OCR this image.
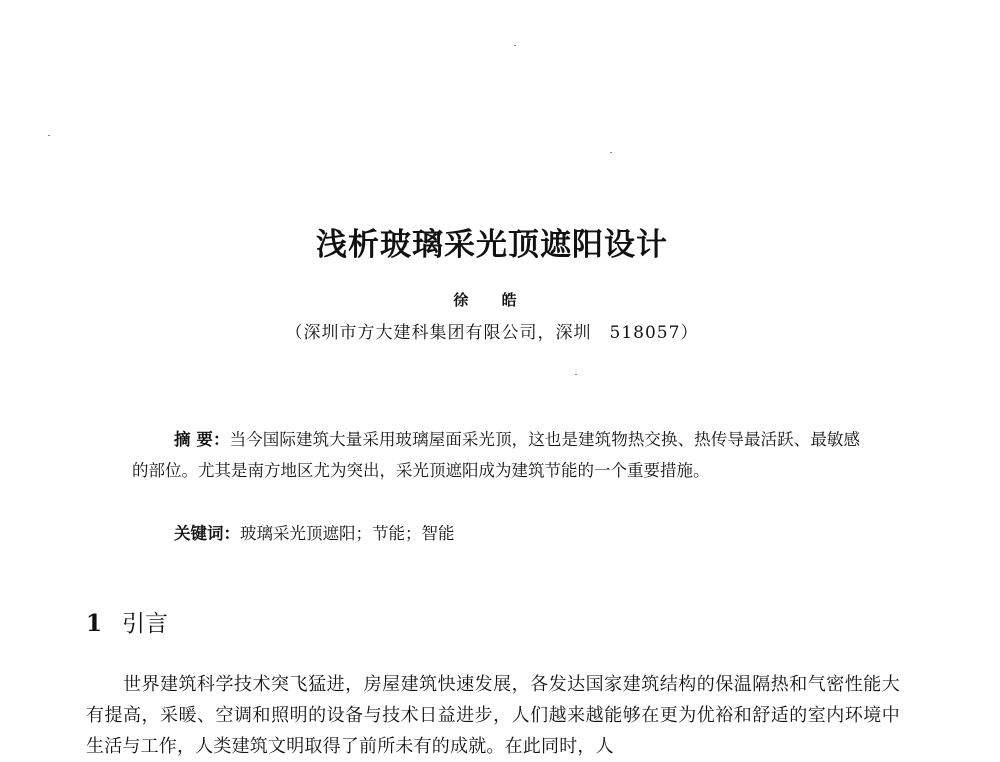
浅析玻璃采光顶遮阳设计
徐 皓
（深圳市方大建科集团有限公司，深圳　518057）

摘 要：当今国际建筑大量采用玻璃屋面采光顶，这也是建筑物热交换、热传导最活跃、最敏感的部位。尤其是南方地区尤为突出，采光顶遮阳成为建筑节能的一个重要措施。

关键词：玻璃采光顶遮阳；节能；智能
1 引言

世界建筑科学技术突飞猛进，房屋建筑快速发展，各发达国家建筑结构的保温隔热和气密性能大有提高，采暖、空调和照明的设备与技术日益进步，人们越来越能够在更为优裕和舒适的室内环境中生活与工作，人类建筑文明取得了前所未有的成就。在此同时，人
